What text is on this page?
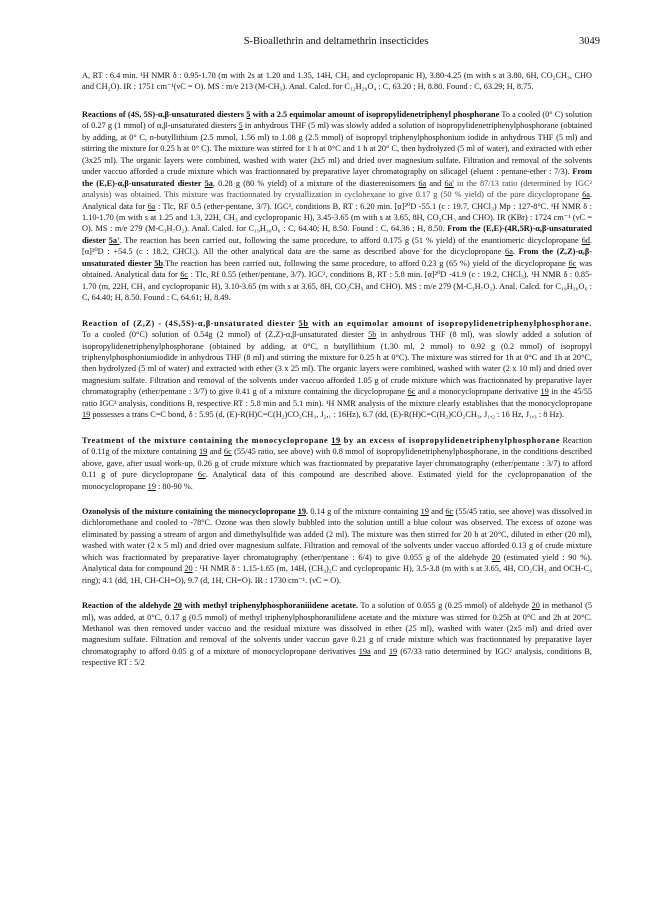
S-Bioallethrin and deltamethrin insecticides	3049

A, RT : 6.4 min. ¹H NMR δ : 0.95-1.70 (m with 2s at 1.20 and 1.35, 14H, CH₃ and cyclopropanic H), 3.80-4.25 (m with s at 3.80, 6H, CO₂CH₃, CHO and CH₂O). IR : 1751 cm⁻¹(νC = O). MS : m/e 213 (M-CH₃). Anal. Calcd. for C₁₂H₂₀O₄ : C, 63.20 ; H, 8.80. Found : C, 63.29; H, 8.75.

Reactions of (4S, 5S)-α,β-unsaturated diesters 5 with a 2.5 equimolar amount of isopropylidenetriphenyl phosphorane To a cooled (0° C) solution of 0.27 g (1 mmol) of α,β-unsaturated diesters 5 in anhydrous THF (5 ml) was slowly added a solution of isopropylidenetriphenylphosphorane (obtained by adding, at 0° C, n-butyllithium (2.5 mmol, 1.56 ml) to 1.08 g (2.5 mmol) of isopropyl triphenylphosphonium iodide in anhydrous THF (5 ml) and stirring the mixture for 0.25 h at 0° C). The mixture was stirred for 1 h at 0°C and 1 h at 20° C, then hydrolyzed (5 ml of water), and extracted with ether (3x25 ml). The organic layers were combined, washed with water (2x5 ml) and dried over magnesium sulfate. Filtration and removal of the solvents under vaccuo afforded a crude mixture which was fractionnated by preparative layer chromatography on silicagel (eluent : pentane-ether : 7/3). From the (E,E)-α,β-unsaturated diester 5a, 0.28 g (80 % yield) of a mixture of the diastereoisomers 6a and 6a' in the 87/13 ratio (determined by IGC² analysis) was obtained. This mixture was fractionnated by crystallization in cyclohexane to give 0.17 g (50 % yield) of the pure dicyclopropane 6a. Analytical data for 6a : Tlc, RF 0.5 (ether-pentane, 3/7). IGC², conditions B, RT : 6.20 min. [α]²⁰D -55.1 (c : 19.7, CHCl₃) Mp : 127-8°C. ¹H NMR δ : 1.10-1.70 (m with s at 1.25 and 1.3, 22H, CH₃ and cyclopropanic H), 3.45-3.65 (m with s at 3.65, 8H, CO₂CH₃ and CHO). IR (KBr) : 1724 cm⁻¹ (νC = O). MS : m/e 279 (M-C₃H₇O₂). Anal. Calcd. for C₁₉H₃₀O₆ : C, 64.40; H, 8.50. Found : C, 64.36 ; H, 8.50. From the (E,E)-(4R,5R)-α,β-unsaturated diester 5a'. The reaction has been carried out, following the same procedure, to afford 0.175 g (51 % yield) of the enantiomeric dicyclopropane 6d. [α]²⁰D : +54.5 (c : 18.2, CHCl₃). All the other analytical data are the same as described above for the dicyclopropane 6a. From the (Z,Z)-α,β-unsaturated diester 5b.The reaction has been carried out, following the same procedure, to afford 0.23 g (65 %) yield of the dicyclopropane 6c was obtained. Analytical data for 6c : Tlc, Rf 0.55 (ether/pentane, 3/7). IGC², conditions B, RT : 5.8 min. [α]²⁰D -41.9 (c : 19.2, CHCl₃). ¹H NMR δ : 0.85-1.70 (m, 22H, CH₃ and cyclopropanic H), 3.10-3.65 (m with s at 3.65, 8H, CO₂CH₃ and CHO). MS : m/e 279 (M-C₃H₇O₂). Anal. Calcd. for C₁₉H₃₀O₆ : C, 64.40; H, 8.50. Found : C, 64.61; H, 8.49.

Reaction of (Z,Z) - (4S,5S)-α,β-unsaturated diester 5b with an equimolar amount of isopropylidenetriphenylphosphorane. To a cooled (0°C) solution of 0.54g (2 mmol) of (Z,Z)-α,β-unsaturated diester 5b in anhydrous THF (8 ml), was slowly added a solution of isopropylidenetriphenylphosphorane (obtained by adding, at 0°C, n butyllithium (1.30 ml, 2 mmol) to 0.92 g (0.2 mmol) of isopropyl triphenylphosphoniumiodide in anhydrous THF (8 ml) and stirring the mixture for 0.25 h at 0°C). The mixture was stirred for 1h at 0°C and 1h at 20°C, then hydrolyzed (5 ml of water) and extracted with ether (3 x 25 ml). The organic layers were combined, washed with water (2 x 10 ml) and dried over magnesium sulfate. Filtration and removal of the solvents under vaccuo afforded 1.05 g of crude mixture which was fractionnated by preparative layer chromatography (ether/pentane : 3/7) to give 0.41 g of a mixture containing the dicyclopropane 6c and a monocyclopropane derivative 19 in the 45/55 ratio IGC² analysis, conditions B, respective RT : 5.8 min and 5.1 min). ¹H NMR analysis of the mixture clearly establishes that the monocyclopropane 19 possesses a trans C=C bond, δ : 5.95 (d, (E)-R(H)C=C(H₂)CO₂CH₃, J₂,₁ : 16Hz), 6.7 (dd, (E)-R(H)C=C(H₂)CO₂CH₃, J₁,₂ : 16 Hz, J₁,₃ : 8 Hz).

Treatment of the mixture containing the monocyclopropane 19 by an excess of isopropylidenetriphenylphosphorane Reaction of 0.11g of the mixture containing 19 and 6c (55/45 ratio, see above) with 0.8 mmol of isopropylidenetriphenylphosphorane, in the conditions described above, gave, after usual work-up, 0.26 g of crude mixture which was fractionnated by preparative layer chromatography (ether/pentane : 3/7) to afford 0.11 g of pure dicyclopropane 6c. Analytical data of this compound are described above. Estimated yield for the cyclopropanation of the monocyclopropane 19 : 80-90 %.

Ozonolysis of the mixture containing the monocyclopropane 19. 0.14 g of the mixture containing 19 and 6c (55/45 ratio, see above) was dissolved in dichloromethane and cooled to -78°C. Ozone was then slowly bubbled into the solution untill a blue colour was observed. The excess of ozone was eliminated by passing a stream of argon and dimethylsulfide was added (2 ml). The mixture was then stirred for 20 h at 20°C, diluted in ether (20 ml), washed with water (2 x 5 ml) and dried over magnesium sulfate. Filtration and removal of the solvents under vaccuo afforded 0.13 g of crude mixture which was fractionnated by preparative layer chromatography (ether/pentane : 6/4) to give 0.055 g of the aldehyde 20 (estimated yield : 90 %). Analytical data for compound 20 : ¹H NMR δ : 1.15-1.65 (m, 14H, (CH₃)₂C and cyclopropanic H), 3.5-3.8 (m with s at 3.65, 4H, CO₂CH₃ and OCH-C₃ ring); 4.1 (dd, 1H, CH-CH=O), 9.7 (d, 1H, CH=O). IR : 1730 cm⁻¹. (νC = O).

Reaction of the aldehyde 20 with methyl triphenylphosphoraniiidene acetate. To a solution of 0.055 g (0.25 mmol) of aldehyde 20 in methanol (5 ml), was added, at 0°C, 0.17 g (0.5 mmol) of methyl triphenylphosphoranilidene acetate and the mixture was stirred for 0.25h at 0°C and 2h at 20°C. Methanol was then removed under vaccuo and the residual mixture was dissolved in ether (25 ml), washed with water (2x5 ml) and dried over magnesium sulfate. Filtration and removal of the solvents under vaccuo gave 0.21 g of crude mixture which was fractionnated by preparative layer chromatography to afford 0.05 g of a mixture of monocyclopropane derivatives 19a and 19 (67/33 ratio determined by IGC² analysis, conditions B, respective RT : 5/2
